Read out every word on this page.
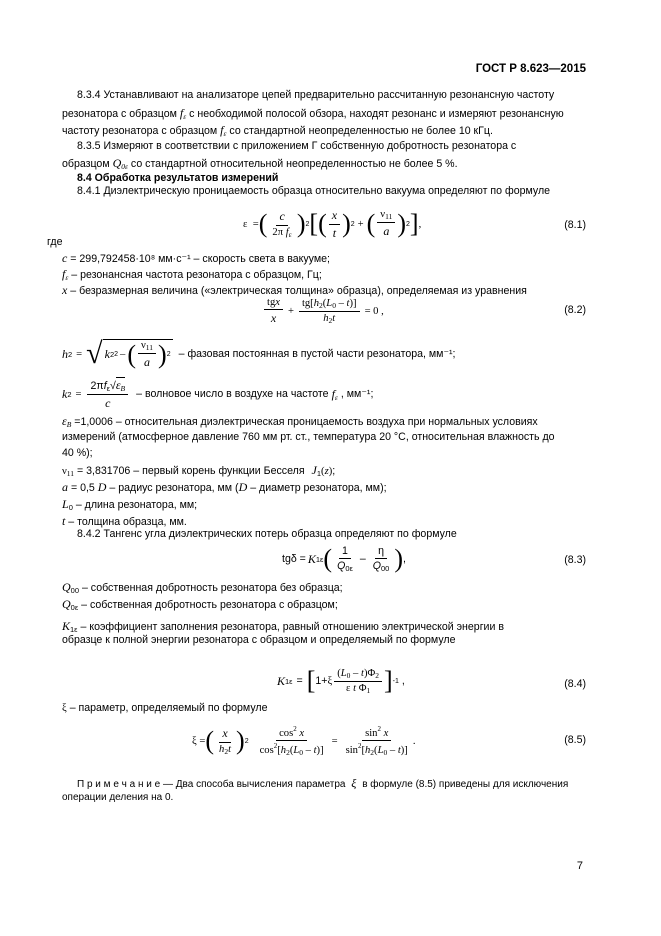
ГОСТ Р 8.623—2015
8.3.4 Устанавливают на анализаторе цепей предварительно рассчитанную резонансную частоту
резонатора с образцом $f_\varepsilon$ с необходимой полосой обзора, находят резонанс и измеряют резонансную
частоту резонатора с образцом $f_\varepsilon$ со стандартной неопределенностью не более 10 кГц.
8.3.5 Измеряют в соответствии с приложением Г собственную добротность резонатора с
образцом $Q_{0\varepsilon}$ со стандартной относительной неопределенностью не более 5 %.
8.4 Обработка результатов измерений
8.4.1 Диэлектрическую проницаемость образца относительно вакуума определяют по формуле
ε  = ( $\frac{c}{2\pi f_\varepsilon}$ ) 2 [ ( $\frac{x}{t}$ ) 2 + ( $\frac{\nu_{11}}{a}$ ) 2 ] ,	(8.1)
где
c = 299,792458·10⁸ мм·с⁻¹ – скорость света в вакууме;
$f_\varepsilon$ – резонансная частота резонатора с образцом, Гц;
x – безразмерная величина («электрическая толщина» образца), определяемая из уравнения
$\frac{\text{tgx}}{x} + \frac{tg[h_2(L_0 - t)]}{h_2t} = 0$ ,	(8.2)
h 2 = √ k 2 2 – ( $\frac{\nu_{11}}{a}$ ) 2 – фазовая постоянная в пустой части резонатора, мм⁻¹;
k $2 = \frac{2\pi f_\varepsilon√\varepsilon_B}{c}$ – волновое число в воздухе на частоте $f_\varepsilon$ , мм⁻¹;
$\varepsilon_B =1,0006$ – относительная диэлектрическая проницаемость воздуха при нормальных условиях
измерений (атмосферное давление 760 мм рт. ст., температура 20 °С, относительная влажность до
40 %);
$\nu_{11} = 3,831706$ – первый корень функции Бесселя $J_1(z)$;
a = 0,5 D – радиус резонатора, мм (D – диаметр резонатора, мм);
$L_0$ – длина резонатора, мм;
t – толщина образца, мм.
8.4.2 Тангенс угла диэлектрических потерь образца определяют по формуле
tgδ = K 1ε ( $\frac{1}{Q_{0\varepsilon}} - \frac{\eta}{Q_{00}}$ ) ,	(8.3)
$Q_{00}$ – собственная добротность резонатора без образца;
$Q_{0\varepsilon}$ – собственная добротность резонатора с образцом;
$K_{1\varepsilon}$ – коэффициент заполнения резонатора, равный отношению электрической энергии в
образце к полной энергии резонатора с образцом и определяемый по формуле
K 1ε = [ 1+ ξ $\frac{(L_0 - t)\Phi_2}{\varepsilon t \Phi_1}$ ] -1 ,	(8.4)
ξ – параметр, определяемый по формуле
ξ = ( $\frac{x}{h_2t}$ ) $2 \frac{\cos^2 x}{\cos^2[h_2(L_0 - t)]} = \frac{\sin^2 x}{\sin^2[h_2(L_0 - t)]}$ .	(8.5)
П р и м е ч а н и е — Два способа вычисления параметра ξ в формуле (8.5) приведены для исключения
операции деления на 0.
7
